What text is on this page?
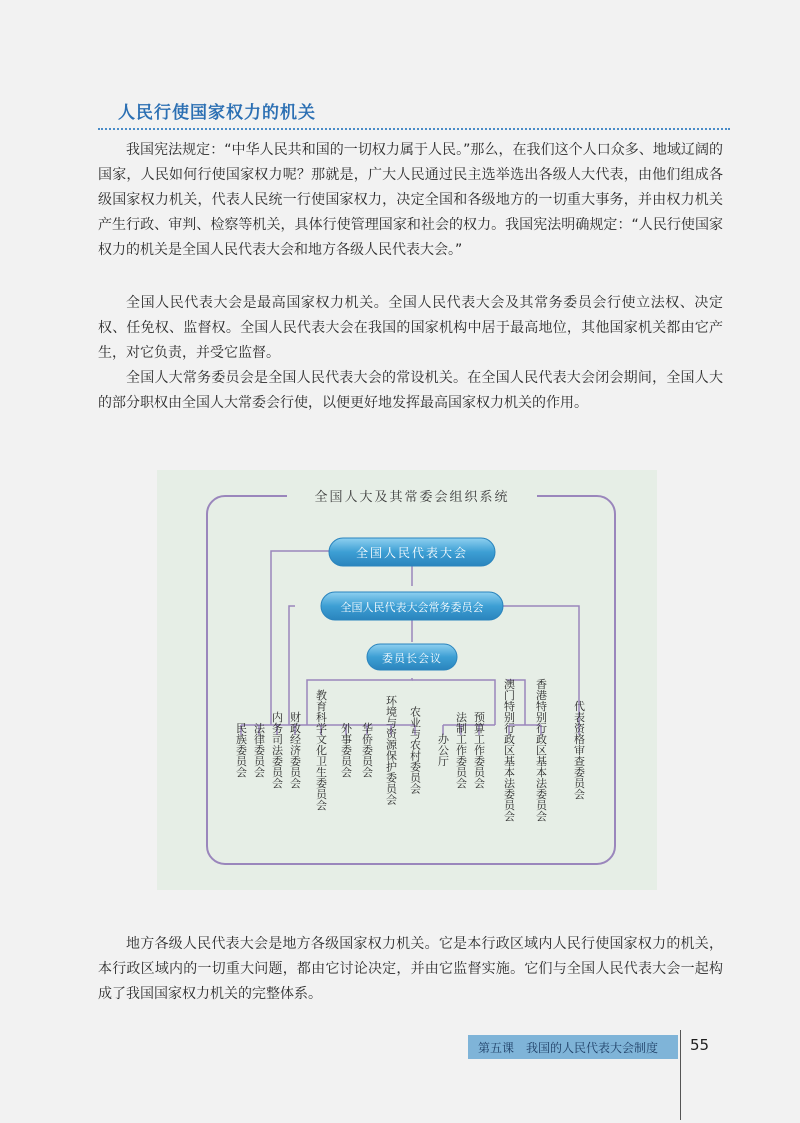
人民行使国家权力的机关

我国宪法规定：“中华人民共和国的一切权力属于人民。”那么，在我们这个人口众多、地域辽阔的国家，人民如何行使国家权力呢？那就是，广大人民通过民主选举选出各级人大代表，由他们组成各级国家权力机关，代表人民统一行使国家权力，决定全国和各级地方的一切重大事务，并由权力机关产生行政、审判、检察等机关，具体行使管理国家和社会的权力。我国宪法明确规定：“人民行使国家权力的机关是全国人民代表大会和地方各级人民代表大会。”

全国人民代表大会是最高国家权力机关。全国人民代表大会及其常务委员会行使立法权、决定权、任免权、监督权。全国人民代表大会在我国的国家机构中居于最高地位，其他国家机关都由它产生，对它负责，并受它监督。

全国人大常务委员会是全国人民代表大会的常设机关。在全国人民代表大会闭会期间，全国人大的部分职权由全国人大常委会行使，以便更好地发挥最高国家权力机关的作用。

全国人大及其常委会组织系统
全国人民代表大会
全国人民代表大会常务委员会
委员长会议
民族委员会 法律委员会 内务司法委员会 财政经济委员会 教育科学文化卫生委员会 外事委员会 华侨委员会 环境与资源保护委员会 农业与农村委员会 办公厅 法制工作委员会 预算工作委员会 澳门特别行政区基本法委员会 香港特别行政区基本法委员会 代表资格审查委员会

地方各级人民代表大会是地方各级国家权力机关。它是本行政区域内人民行使国家权力的机关，本行政区域内的一切重大问题，都由它讨论决定，并由它监督实施。它们与全国人民代表大会一起构成了我国国家权力机关的完整体系。

第五课　我国的人民代表大会制度 55
